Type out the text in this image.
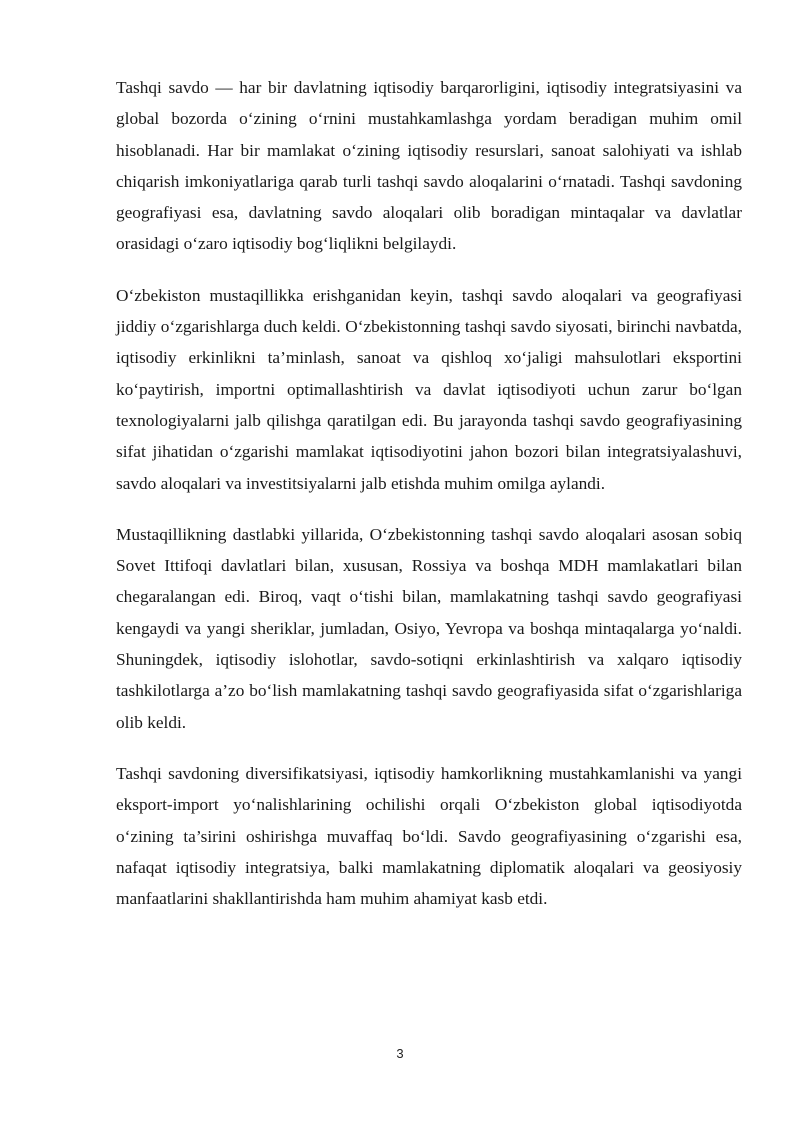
Tashqi savdo — har bir davlatning iqtisodiy barqarorligini, iqtisodiy integratsiyasini va global bozorda o‘zining o‘rnini mustahkamlashga yordam beradigan muhim omil hisoblanadi. Har bir mamlakat o‘zining iqtisodiy resurslari, sanoat salohiyati va ishlab chiqarish imkoniyatlariga qarab turli tashqi savdo aloqalarini o‘rnatadi. Tashqi savdoning geografiyasi esa, davlatning savdo aloqalari olib boradigan mintaqalar va davlatlar orasidagi o‘zaro iqtisodiy bog‘liqlikni belgilaydi.

O‘zbekiston mustaqillikka erishganidan keyin, tashqi savdo aloqalari va geografiyasi jiddiy o‘zgarishlarga duch keldi. O‘zbekistonning tashqi savdo siyosati, birinchi navbatda, iqtisodiy erkinlikni ta’minlash, sanoat va qishloq xo‘jaligi mahsulotlari eksportini ko‘paytirish, importni optimallashtirish va davlat iqtisodiyoti uchun zarur bo‘lgan texnologiyalarni jalb qilishga qaratilgan edi. Bu jarayonda tashqi savdo geografiyasining sifat jihatidan o‘zgarishi mamlakat iqtisodiyotini jahon bozori bilan integratsiyalashuvi, savdo aloqalari va investitsiyalarni jalb etishda muhim omilga aylandi.

Mustaqillikning dastlabki yillarida, O‘zbekistonning tashqi savdo aloqalari asosan sobiq Sovet Ittifoqi davlatlari bilan, xususan, Rossiya va boshqa MDH mamlakatlari bilan chegaralangan edi. Biroq, vaqt o‘tishi bilan, mamlakatning tashqi savdo geografiyasi kengaydi va yangi sheriklar, jumladan, Osiyo, Yevropa va boshqa mintaqalarga yo‘naldi. Shuningdek, iqtisodiy islohotlar, savdo-sotiqni erkinlashtirish va xalqaro iqtisodiy tashkilotlarga a’zo bo‘lish mamlakatning tashqi savdo geografiyasida sifat o‘zgarishlariga olib keldi.

Tashqi savdoning diversifikatsiyasi, iqtisodiy hamkorlikning mustahkamlanishi va yangi eksport-import yo‘nalishlarining ochilishi orqali O‘zbekiston global iqtisodiyotda o‘zining ta’sirini oshirishga muvaffaq bo‘ldi. Savdo geografiyasining o‘zgarishi esa, nafaqat iqtisodiy integratsiya, balki mamlakatning diplomatik aloqalari va geosiyosiy manfaatlarini shakllantirishda ham muhim ahamiyat kasb etdi.

3
